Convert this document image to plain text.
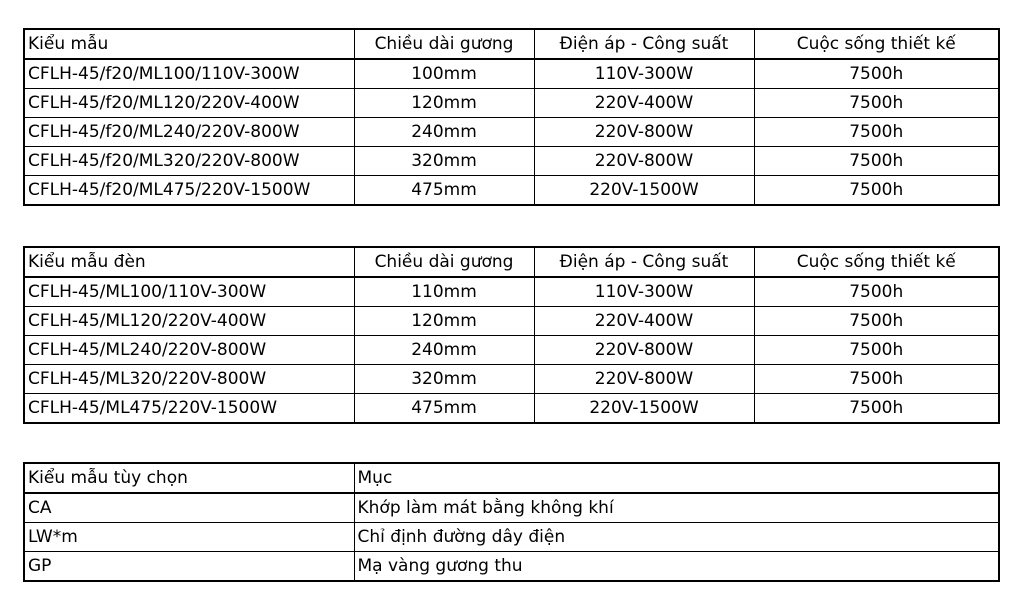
Kiểu mẫu	Chiều dài gương	Điện áp - Công suất	Cuộc sống thiết kế
CFLH-45/f20/ML100/110V-300W	100mm	110V-300W	7500h
CFLH-45/f20/ML120/220V-400W	120mm	220V-400W	7500h
CFLH-45/f20/ML240/220V-800W	240mm	220V-800W	7500h
CFLH-45/f20/ML320/220V-800W	320mm	220V-800W	7500h
CFLH-45/f20/ML475/220V-1500W	475mm	220V-1500W	7500h
Kiểu mẫu đèn	Chiều dài gương	Điện áp - Công suất	Cuộc sống thiết kế
CFLH-45/ML100/110V-300W	110mm	110V-300W	7500h
CFLH-45/ML120/220V-400W	120mm	220V-400W	7500h
CFLH-45/ML240/220V-800W	240mm	220V-800W	7500h
CFLH-45/ML320/220V-800W	320mm	220V-800W	7500h
CFLH-45/ML475/220V-1500W	475mm	220V-1500W	7500h
Kiểu mẫu tùy chọn	Mục
CA	Khớp làm mát bằng không khí
LW*m	Chỉ định đường dây điện
GP	Mạ vàng gương thu
